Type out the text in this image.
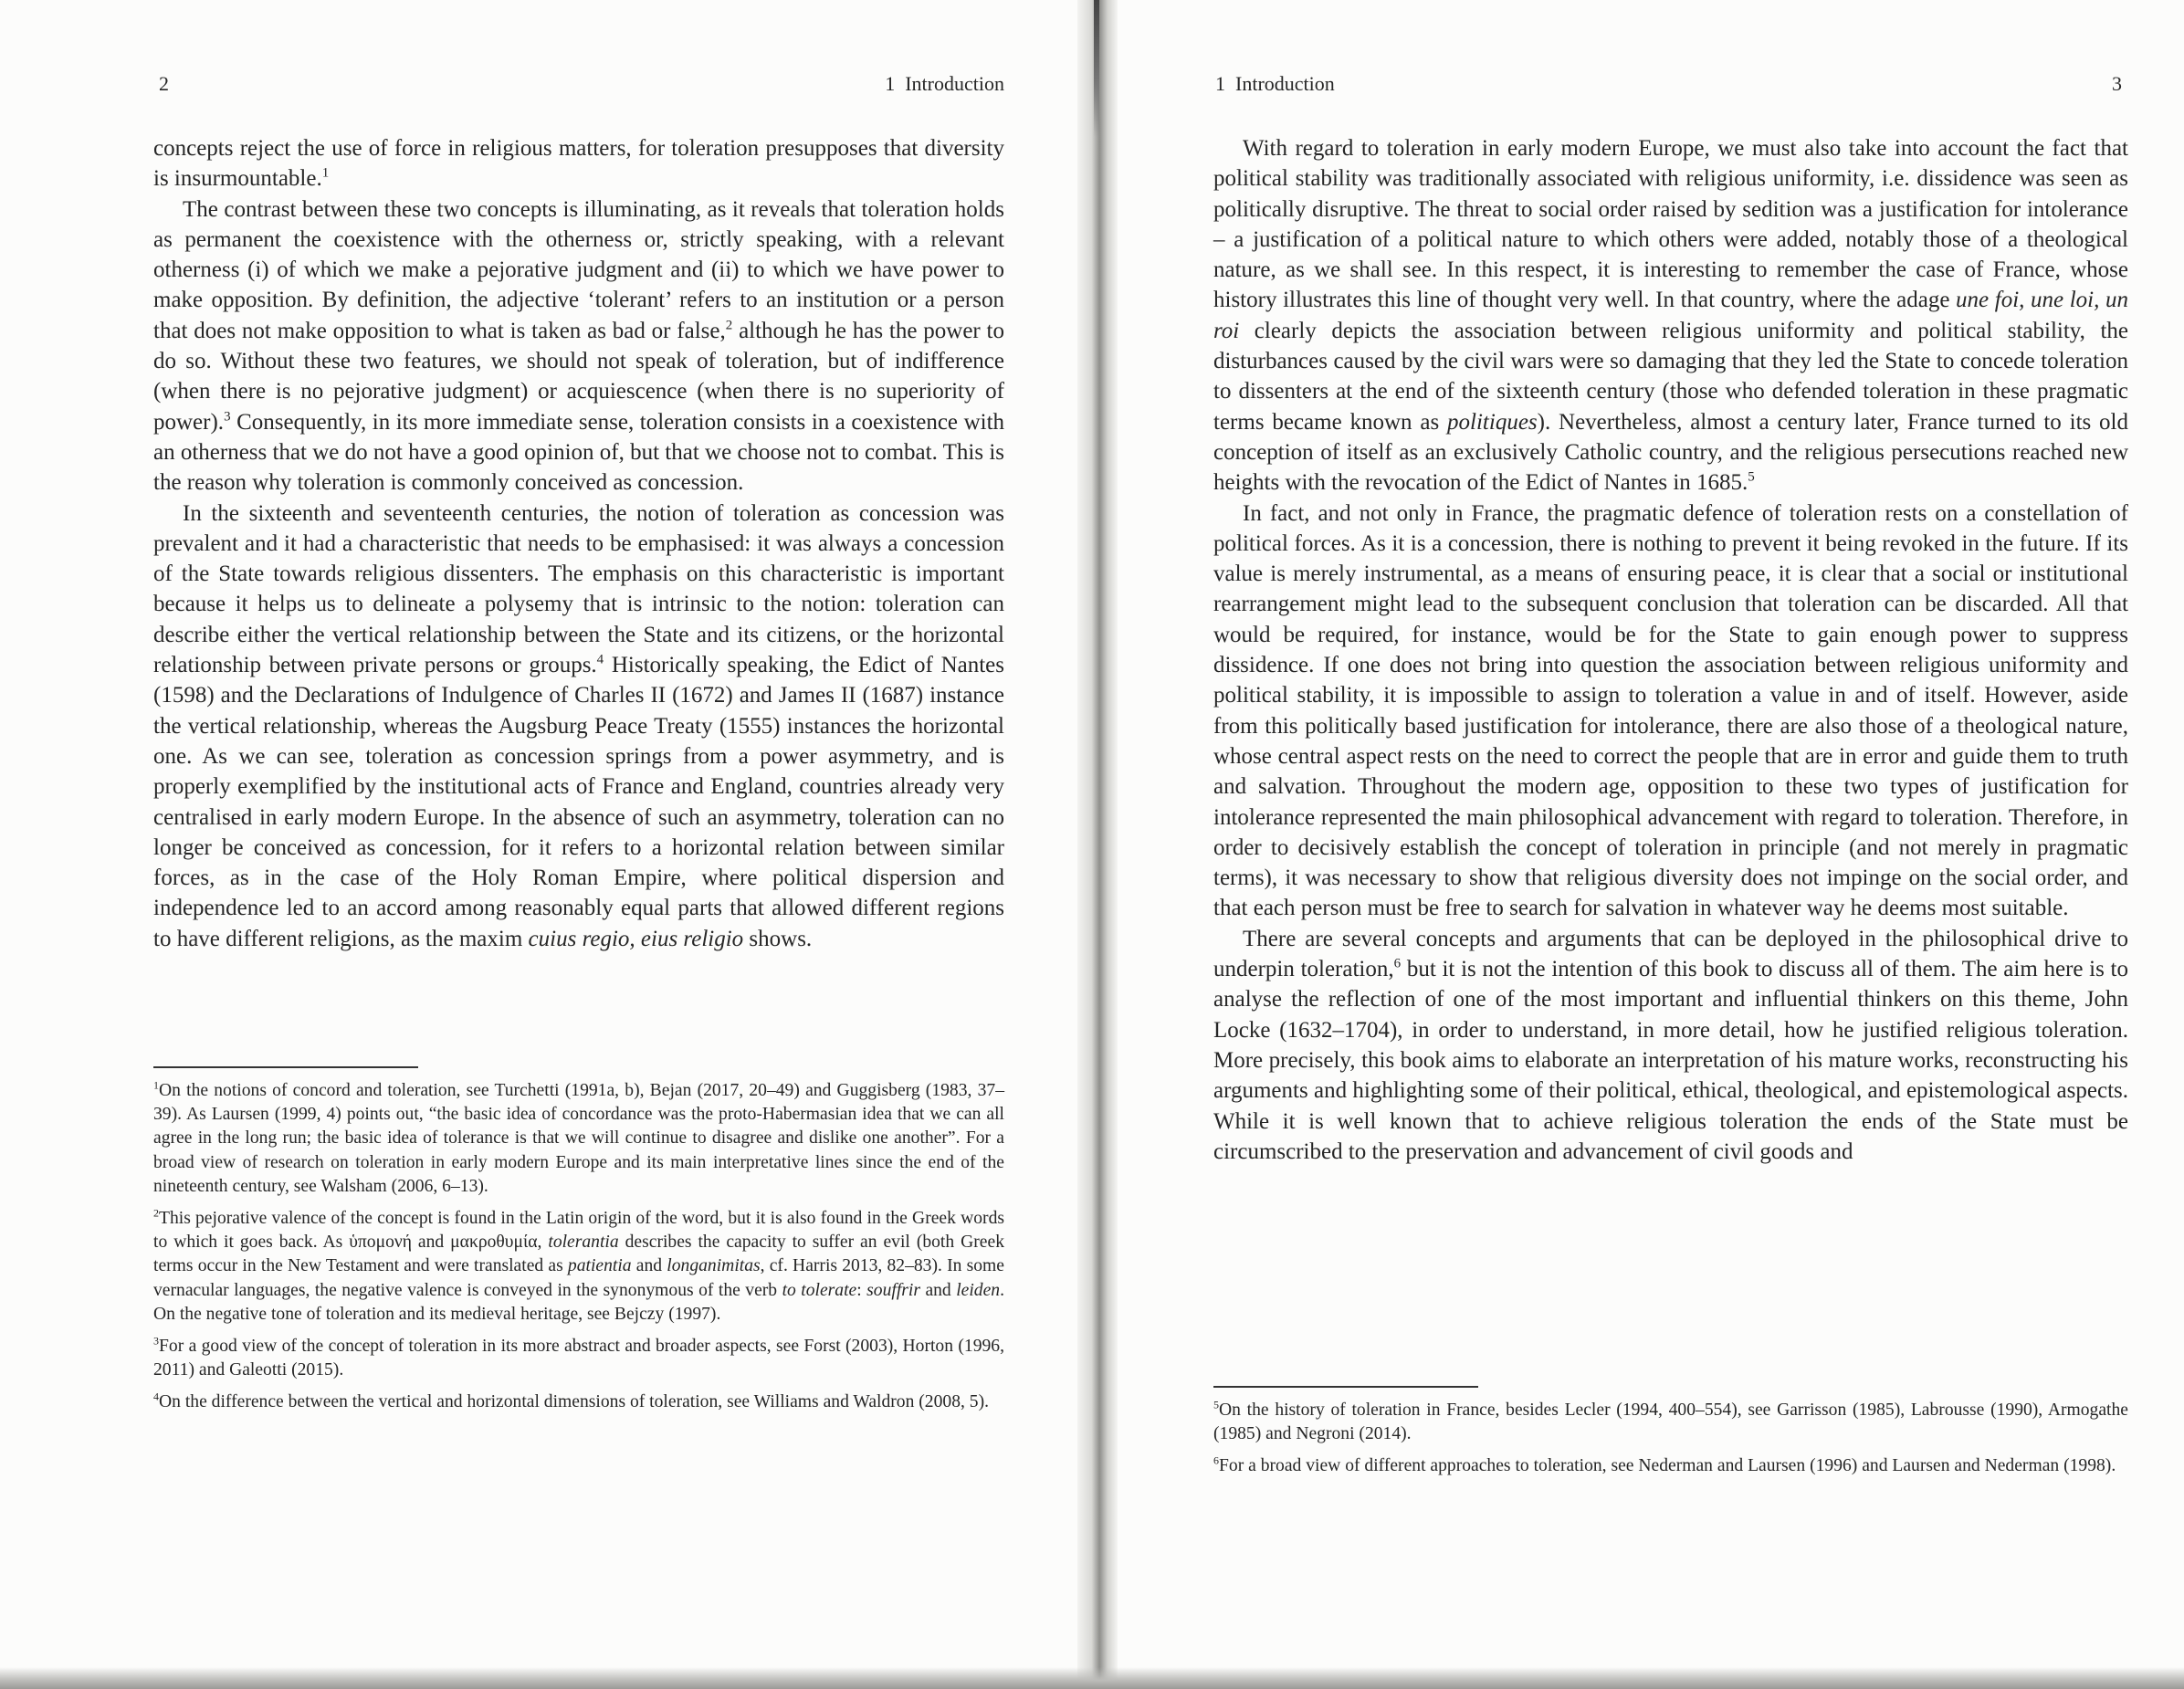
2	1  Introduction

concepts reject the use of force in religious matters, for toleration presupposes that diversity is insurmountable.$^1$

The contrast between these two concepts is illuminating, as it reveals that toleration holds as permanent the coexistence with the otherness or, strictly speaking, with a relevant otherness (i) of which we make a pejorative judgment and (ii) to which we have power to make opposition. By definition, the adjective ‘tolerant’ refers to an institution or a person that does not make opposition to what is taken as bad or false,$^2$ although he has the power to do so. Without these two features, we should not speak of toleration, but of indifference (when there is no pejorative judgment) or acquiescence (when there is no superiority of power).$^3$ Consequently, in its more immediate sense, toleration consists in a coexistence with an otherness that we do not have a good opinion of, but that we choose not to combat. This is the reason why toleration is commonly conceived as concession.

In the sixteenth and seventeenth centuries, the notion of toleration as concession was prevalent and it had a characteristic that needs to be emphasised: it was always a concession of the State towards religious dissenters. The emphasis on this characteristic is important because it helps us to delineate a polysemy that is intrinsic to the notion: toleration can describe either the vertical relationship between the State and its citizens, or the horizontal relationship between private persons or groups.$^4$ Historically speaking, the Edict of Nantes (1598) and the Declarations of Indulgence of Charles II (1672) and James II (1687) instance the vertical relationship, whereas the Augsburg Peace Treaty (1555) instances the horizontal one. As we can see, toleration as concession springs from a power asymmetry, and is properly exemplified by the institutional acts of France and England, countries already very centralised in early modern Europe. In the absence of such an asymmetry, toleration can no longer be conceived as concession, for it refers to a horizontal relation between similar forces, as in the case of the Holy Roman Empire, where political dispersion and independence led to an accord among reasonably equal parts that allowed different regions to have different religions, as the maxim cuius regio, eius religio shows.

$^1$On the notions of concord and toleration, see Turchetti (1991a, b), Bejan (2017, 20–49) and Guggisberg (1983, 37–39). As Laursen (1999, 4) points out, “the basic idea of concordance was the proto-Habermasian idea that we can all agree in the long run; the basic idea of tolerance is that we will continue to disagree and dislike one another”. For a broad view of research on toleration in early modern Europe and its main interpretative lines since the end of the nineteenth century, see Walsham (2006, 6–13).

$^2$This pejorative valence of the concept is found in the Latin origin of the word, but it is also found in the Greek words to which it goes back. As ὑπομονή and μακροθυμία, tolerantia describes the capacity to suffer an evil (both Greek terms occur in the New Testament and were translated as patientia and longanimitas, cf. Harris 2013, 82–83). In some vernacular languages, the negative valence is conveyed in the synonymous of the verb to tolerate: souffrir and leiden. On the negative tone of toleration and its medieval heritage, see Bejczy (1997).

$^3$For a good view of the concept of toleration in its more abstract and broader aspects, see Forst (2003), Horton (1996, 2011) and Galeotti (2015).

$^4$On the difference between the vertical and horizontal dimensions of toleration, see Williams and Waldron (2008, 5).

1  Introduction	3

With regard to toleration in early modern Europe, we must also take into account the fact that political stability was traditionally associated with religious uniformity, i.e. dissidence was seen as politically disruptive. The threat to social order raised by sedition was a justification for intolerance – a justification of a political nature to which others were added, notably those of a theological nature, as we shall see. In this respect, it is interesting to remember the case of France, whose history illustrates this line of thought very well. In that country, where the adage une foi, une loi, un roi clearly depicts the association between religious uniformity and political stability, the disturbances caused by the civil wars were so damaging that they led the State to concede toleration to dissenters at the end of the sixteenth century (those who defended toleration in these pragmatic terms became known as politiques). Nevertheless, almost a century later, France turned to its old conception of itself as an exclusively Catholic country, and the religious persecutions reached new heights with the revocation of the Edict of Nantes in 1685.$^5$

In fact, and not only in France, the pragmatic defence of toleration rests on a constellation of political forces. As it is a concession, there is nothing to prevent it being revoked in the future. If its value is merely instrumental, as a means of ensuring peace, it is clear that a social or institutional rearrangement might lead to the subsequent conclusion that toleration can be discarded. All that would be required, for instance, would be for the State to gain enough power to suppress dissidence. If one does not bring into question the association between religious uniformity and political stability, it is impossible to assign to toleration a value in and of itself. However, aside from this politically based justification for intolerance, there are also those of a theological nature, whose central aspect rests on the need to correct the people that are in error and guide them to truth and salvation. Throughout the modern age, opposition to these two types of justification for intolerance represented the main philosophical advancement with regard to toleration. Therefore, in order to decisively establish the concept of toleration in principle (and not merely in pragmatic terms), it was necessary to show that religious diversity does not impinge on the social order, and that each person must be free to search for salvation in whatever way he deems most suitable.

There are several concepts and arguments that can be deployed in the philosophical drive to underpin toleration,$^6$ but it is not the intention of this book to discuss all of them. The aim here is to analyse the reflection of one of the most important and influential thinkers on this theme, John Locke (1632–1704), in order to understand, in more detail, how he justified religious toleration. More precisely, this book aims to elaborate an interpretation of his mature works, reconstructing his arguments and highlighting some of their political, ethical, theological, and epistemological aspects. While it is well known that to achieve religious toleration the ends of the State must be circumscribed to the preservation and advancement of civil goods and

$^5$On the history of toleration in France, besides Lecler (1994, 400–554), see Garrisson (1985), Labrousse (1990), Armogathe (1985) and Negroni (2014).

$^6$For a broad view of different approaches to toleration, see Nederman and Laursen (1996) and Laursen and Nederman (1998).
